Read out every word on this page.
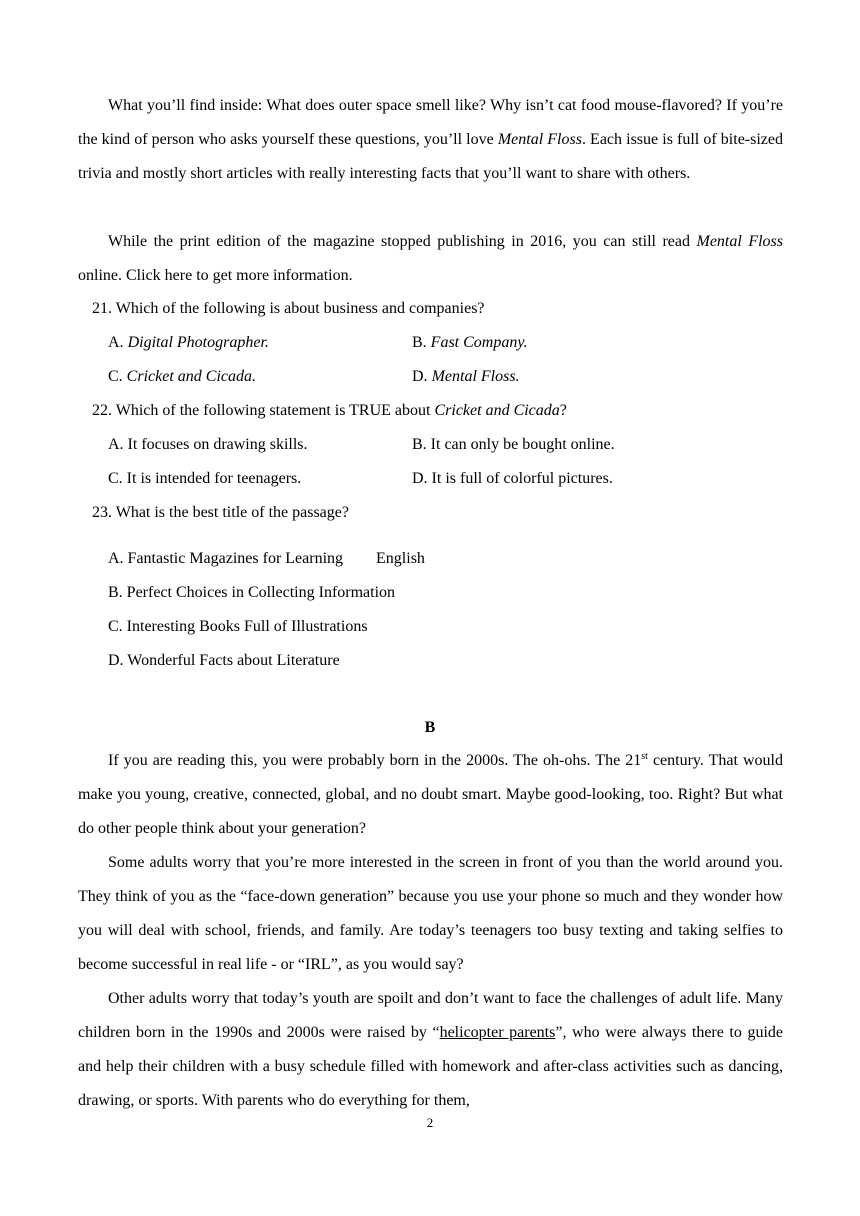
What you’ll find inside: What does outer space smell like? Why isn’t cat food mouse-flavored? If you’re the kind of person who asks yourself these questions, you’ll love Mental Floss. Each issue is full of bite-sized trivia and mostly short articles with really interesting facts that you’ll want to share with others.

While the print edition of the magazine stopped publishing in 2016, you can still read Mental Floss online. Click here to get more information.

21. Which of the following is about business and companies?
A. Digital Photographer.	B. Fast Company.
C. Cricket and Cicada.	D. Mental Floss.
22. Which of the following statement is TRUE about Cricket and Cicada?
A. It focuses on drawing skills.	B. It can only be bought online.
C. It is intended for teenagers.	D. It is full of colorful pictures.
23. What is the best title of the passage?
A. Fantastic Magazines for Learning English
B. Perfect Choices in Collecting Information
C. Interesting Books Full of Illustrations
D. Wonderful Facts about Literature
B

If you are reading this, you were probably born in the 2000s. The oh-ohs. The 21st century. That would make you young, creative, connected, global, and no doubt smart. Maybe good-looking, too. Right? But what do other people think about your generation?

Some adults worry that you’re more interested in the screen in front of you than the world around you. They think of you as the “face-down generation” because you use your phone so much and they wonder how you will deal with school, friends, and family. Are today’s teenagers too busy texting and taking selfies to become successful in real life - or “IRL”, as you would say?

Other adults worry that today’s youth are spoilt and don’t want to face the challenges of adult life. Many children born in the 1990s and 2000s were raised by “helicopter parents”, who were always there to guide and help their children with a busy schedule filled with homework and after-class activities such as dancing, drawing, or sports. With parents who do everything for them,

2
